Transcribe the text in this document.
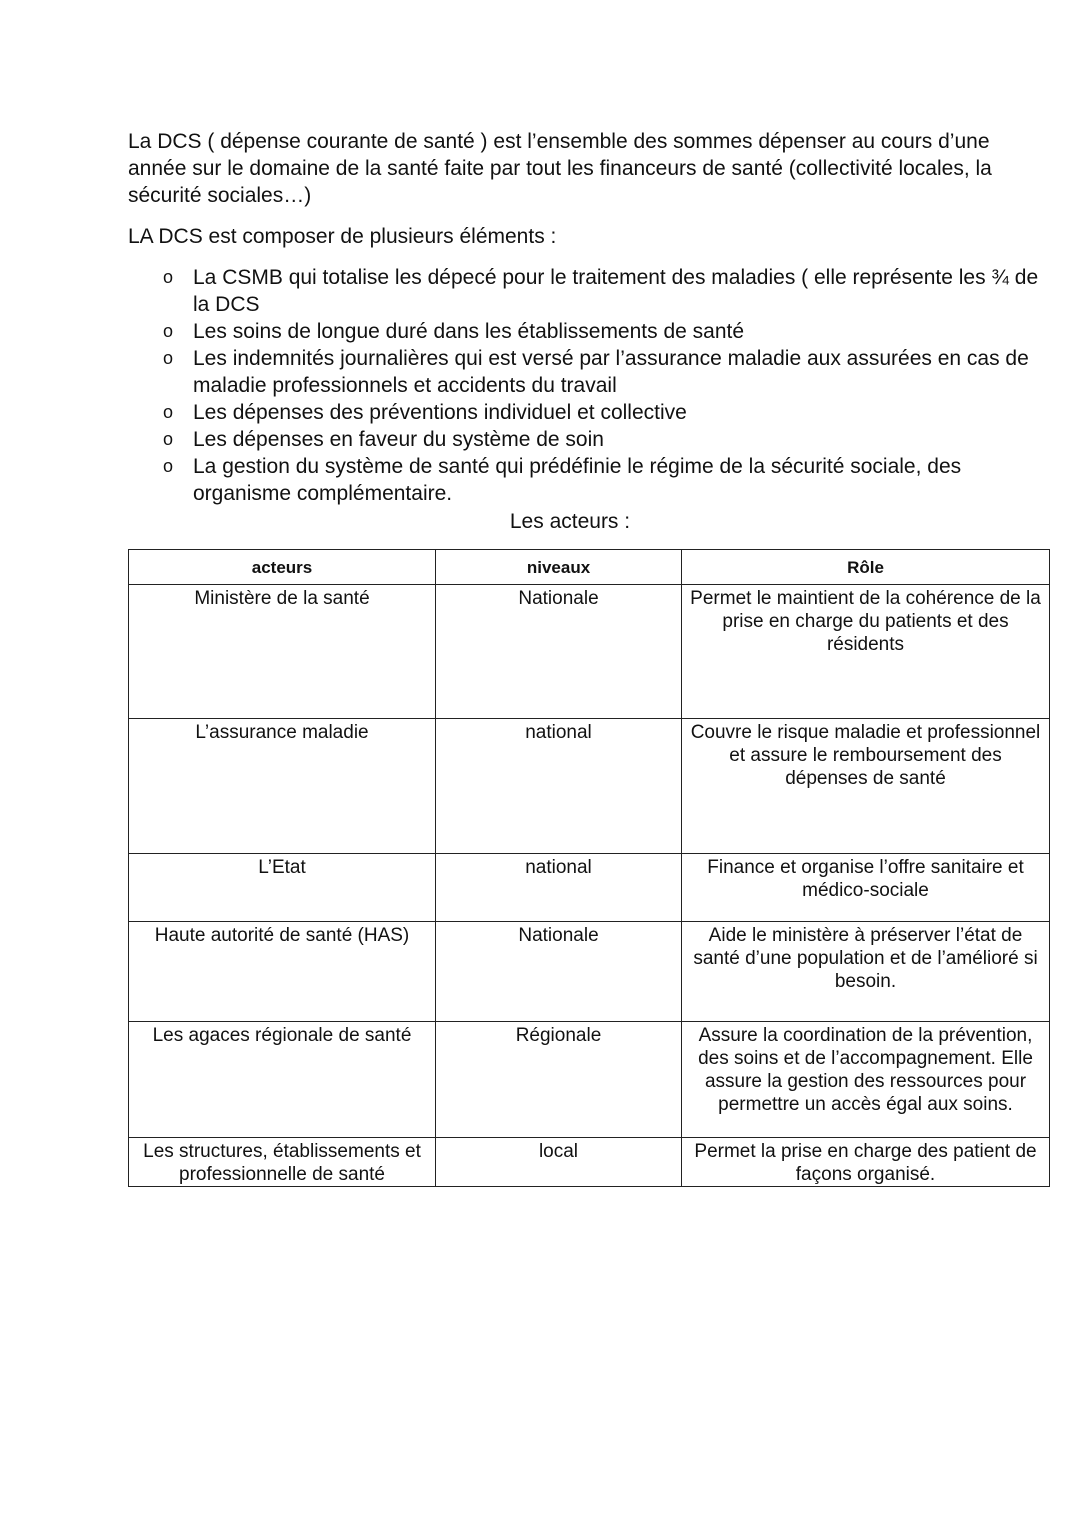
La DCS ( dépense courante de santé ) est l’ensemble des sommes dépenser au cours d’une année sur le domaine de la santé faite par tout les financeurs de santé (collectivité locales, la sécurité sociales…)

LA DCS est composer de plusieurs éléments :

o La CSMB qui totalise les dépecé pour le traitement des maladies ( elle représente les ¾ de la DCS
o Les soins de longue duré dans les établissements de santé
o Les indemnités journalières qui est versé par l’assurance maladie aux assurées en cas de maladie professionnels et accidents du travail
o Les dépenses des préventions individuel et collective
o Les dépenses en faveur du système de soin
o La gestion du système de santé qui prédéfinie le régime de la sécurité sociale, des organisme complémentaire.

Les acteurs :

acteurs	niveaux	Rôle
Ministère de la santé	Nationale	Permet le maintient de la cohérence de la prise en charge du patients et des résidents
L’assurance maladie	national	Couvre le risque maladie et professionnel et assure le remboursement des dépenses de santé
L’Etat	national	Finance et organise l’offre sanitaire et médico-sociale
Haute autorité de santé (HAS)	Nationale	Aide le ministère à préserver l’état de santé d’une population et de l’amélioré si besoin.
Les agaces régionale de santé	Régionale	Assure la coordination de la prévention, des soins et de l’accompagnement. Elle assure la gestion des ressources pour permettre un accès égal aux soins.
Les structures, établissements et professionnelle de santé	local	Permet la prise en charge des patient de façons organisé.
